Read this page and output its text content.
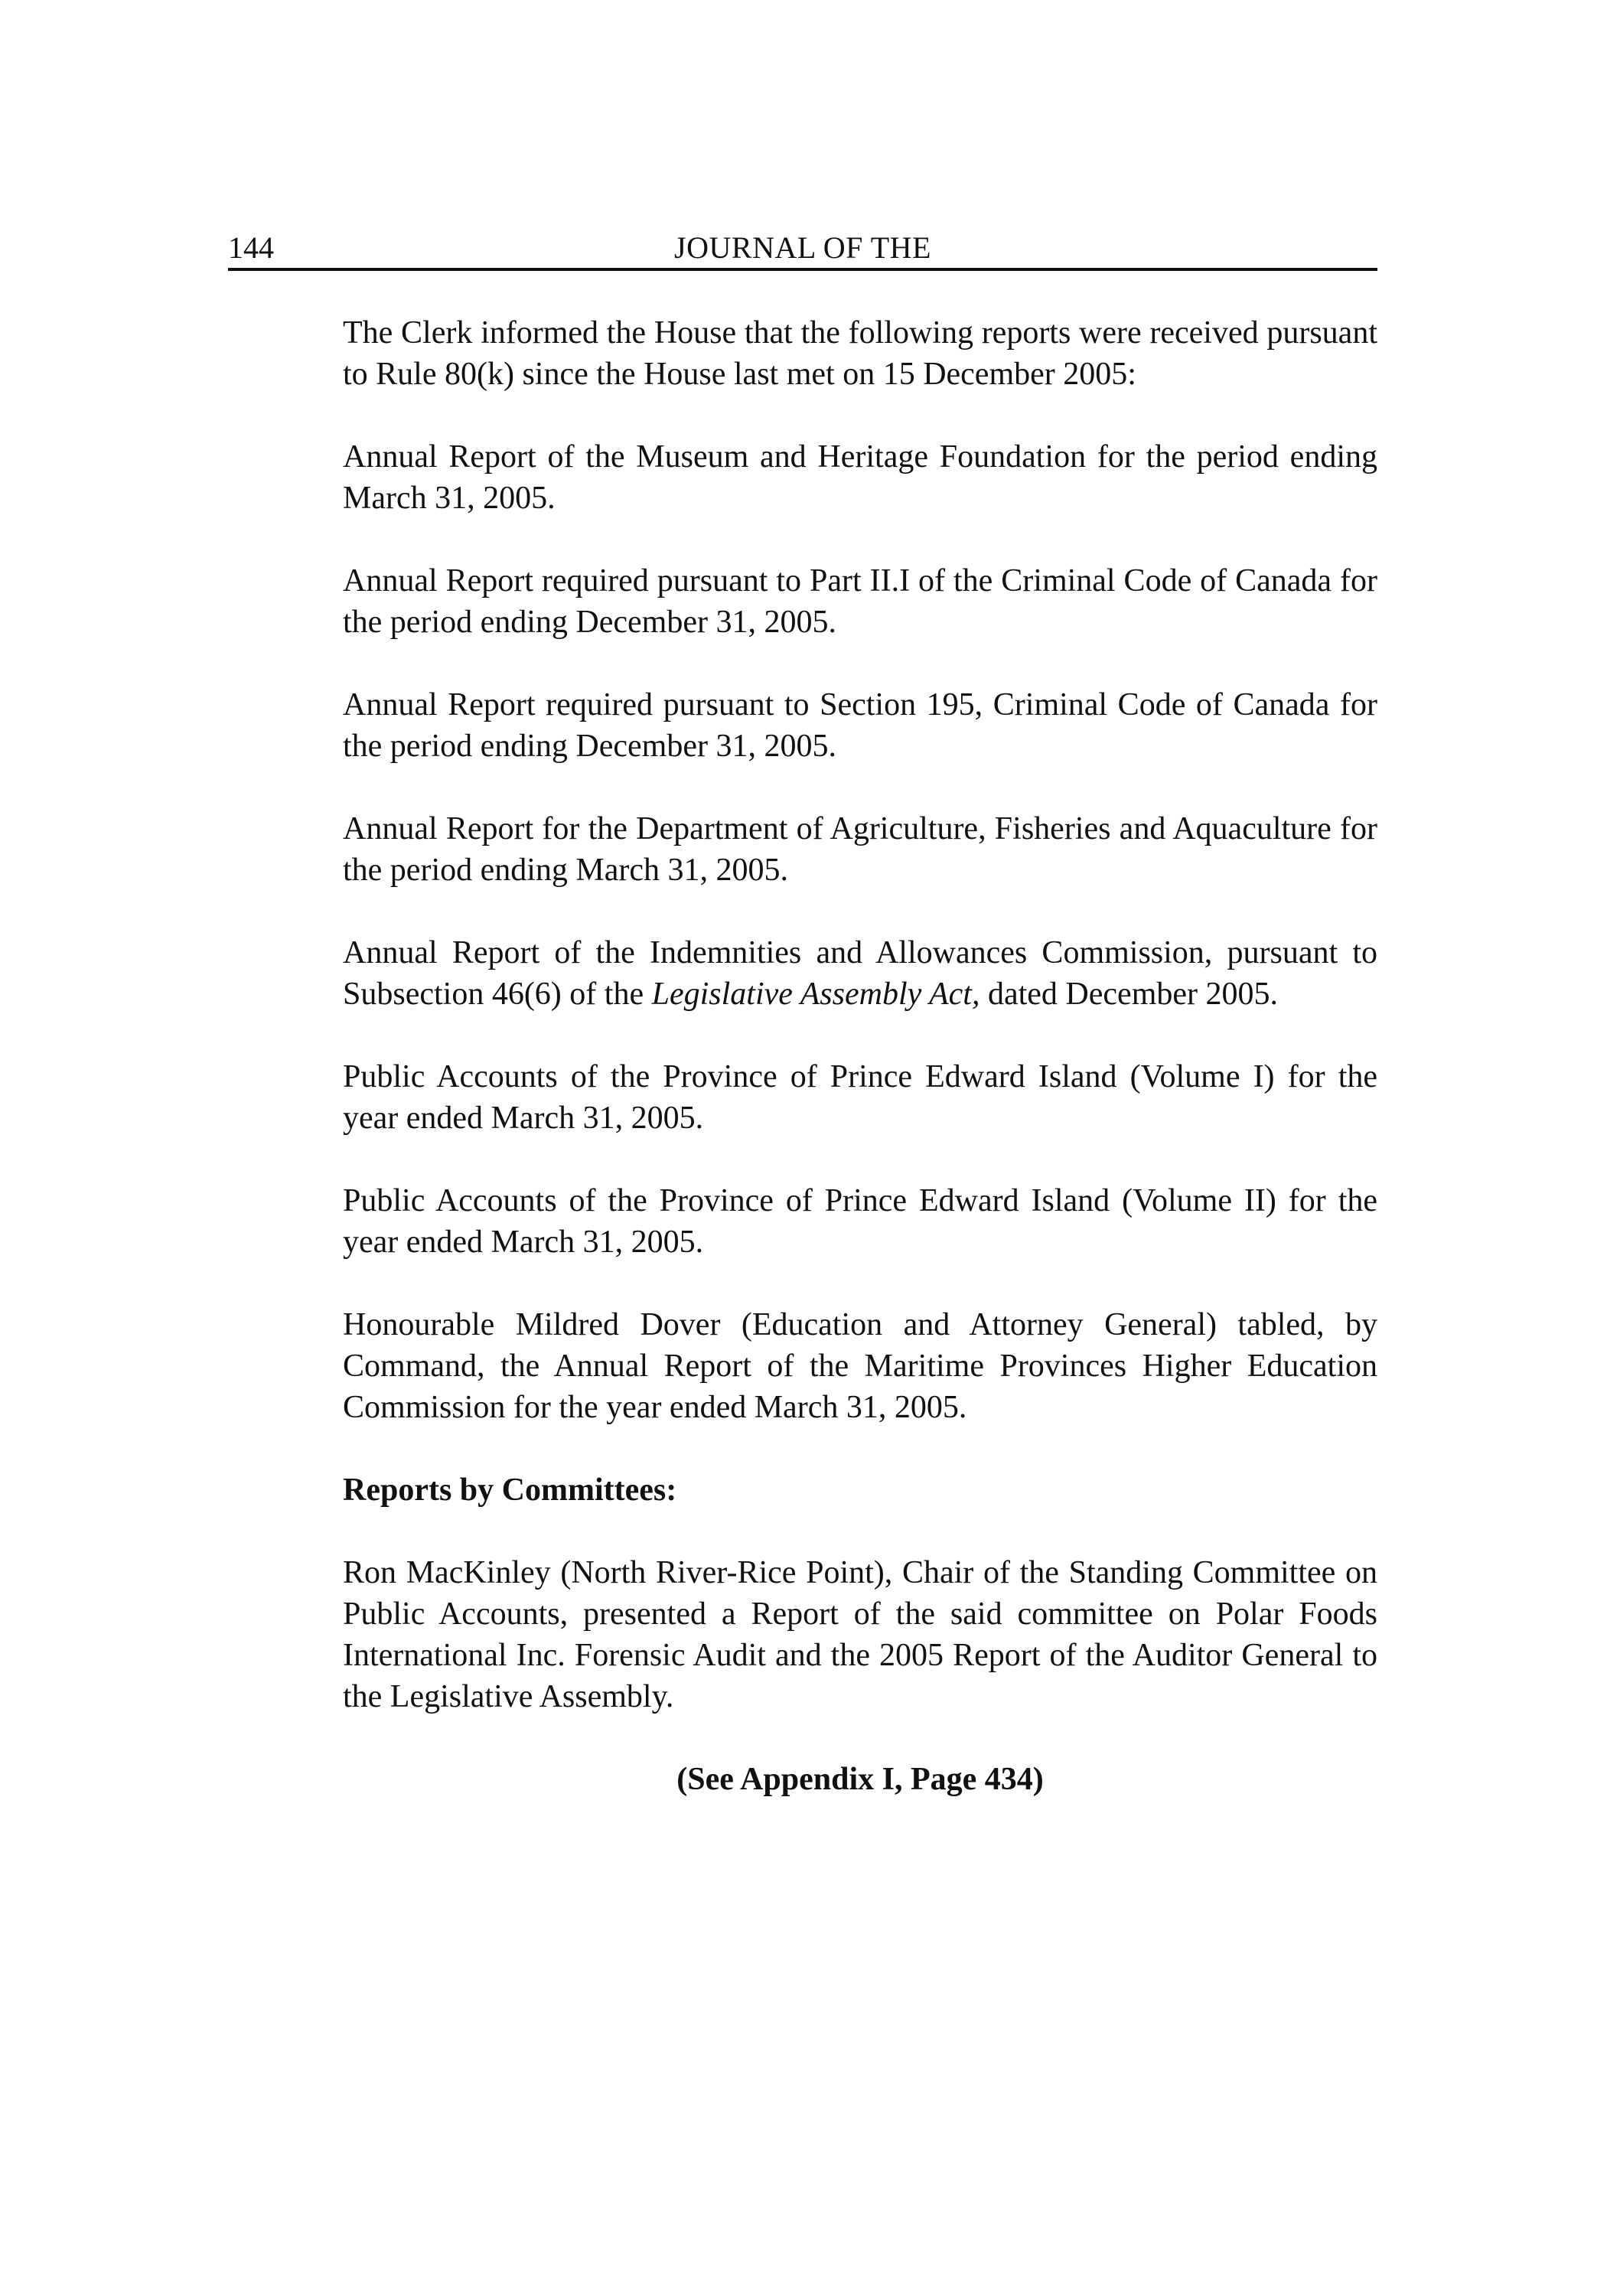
144	JOURNAL OF THE

The Clerk informed the House that the following reports were received pursuant to Rule 80(k) since the House last met on 15 December 2005:

Annual Report of the Museum and Heritage Foundation for the period ending March 31, 2005.

Annual Report required pursuant to Part II.I of the Criminal Code of Canada for the period ending December 31, 2005.

Annual Report required pursuant to Section 195, Criminal Code of Canada for the period ending December 31, 2005.

Annual Report for the Department of Agriculture, Fisheries and Aquaculture for the period ending March 31, 2005.

Annual Report of the Indemnities and Allowances Commission, pursuant to Subsection 46(6) of the Legislative Assembly Act, dated December 2005.

Public Accounts of the Province of Prince Edward Island (Volume I) for the year ended March 31, 2005.

Public Accounts of the Province of Prince Edward Island (Volume II) for the year ended March 31, 2005.

Honourable Mildred Dover (Education and Attorney General) tabled, by Command, the Annual Report of the Maritime Provinces Higher Education Commission for the year ended March 31, 2005.

Reports by Committees:

Ron MacKinley (North River-Rice Point), Chair of the Standing Committee on Public Accounts, presented a Report of the said committee on Polar Foods International Inc. Forensic Audit and the 2005 Report of the Auditor General to the Legislative Assembly.

(See Appendix I, Page 434)
